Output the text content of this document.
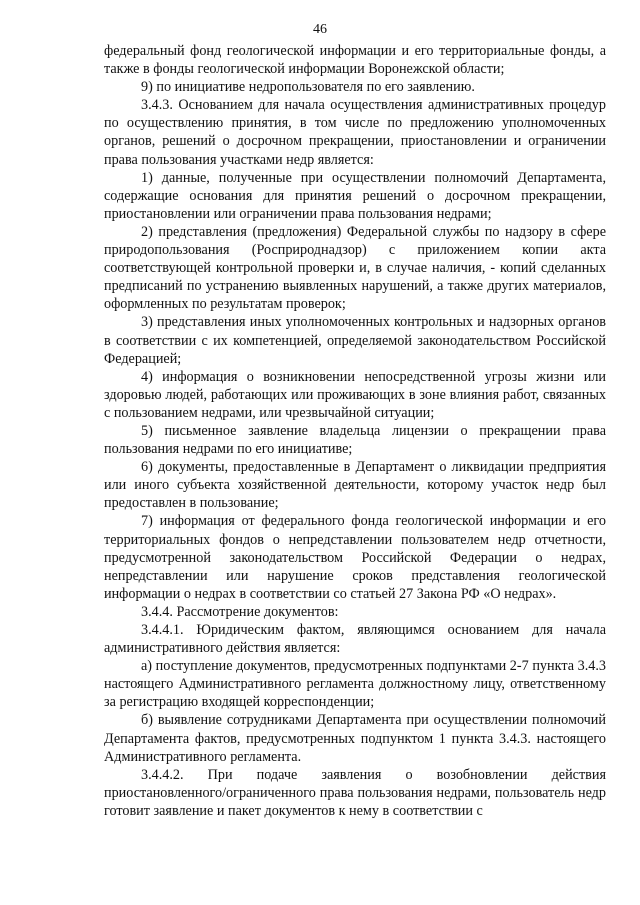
46

федеральный фонд геологической информации и его территориальные фонды, а также в фонды геологической информации Воронежской области;

9) по инициативе недропользователя по его заявлению.

3.4.3. Основанием для начала осуществления административных процедур по осуществлению принятия, в том числе по предложению уполномоченных органов, решений о досрочном прекращении, приостановлении и ограничении права пользования участками недр является:

1) данные, полученные при осуществлении полномочий Департамента, содержащие основания для принятия решений о досрочном прекращении, приостановлении или ограничении права пользования недрами;

2) представления (предложения) Федеральной службы по надзору в сфере природопользования (Росприроднадзор) с приложением копии акта соответствующей контрольной проверки и, в случае наличия, - копий сделанных предписаний по устранению выявленных нарушений, а также других материалов, оформленных по результатам проверок;

3) представления иных уполномоченных контрольных и надзорных органов в соответствии с их компетенцией, определяемой законодательством Российской Федерацией;

4) информация о возникновении непосредственной угрозы жизни или здоровью людей, работающих или проживающих в зоне влияния работ, связанных с пользованием недрами, или чрезвычайной ситуации;

5) письменное заявление владельца лицензии о прекращении права пользования недрами по его инициативе;

6) документы, предоставленные в Департамент о ликвидации предприятия или иного субъекта хозяйственной деятельности, которому участок недр был предоставлен в пользование;

7) информация от федерального фонда геологической информации и его территориальных фондов о непредставлении пользователем недр отчетности, предусмотренной законодательством Российской Федерации о недрах, непредставлении или нарушение сроков представления геологической информации о недрах в соответствии со статьей 27 Закона РФ «О недрах».

3.4.4. Рассмотрение документов:

3.4.4.1. Юридическим фактом, являющимся основанием для начала административного действия является:

а) поступление документов, предусмотренных подпунктами 2-7 пункта 3.4.3 настоящего Административного регламента должностному лицу, ответственному за регистрацию входящей корреспонденции;

б) выявление сотрудниками Департамента при осуществлении полномочий Департамента фактов, предусмотренных подпунктом 1 пункта 3.4.3. настоящего Административного регламента.

3.4.4.2. При подаче заявления о возобновлении действия приостановленного/ограниченного права пользования недрами, пользователь недр готовит заявление и пакет документов к нему в соответствии с
